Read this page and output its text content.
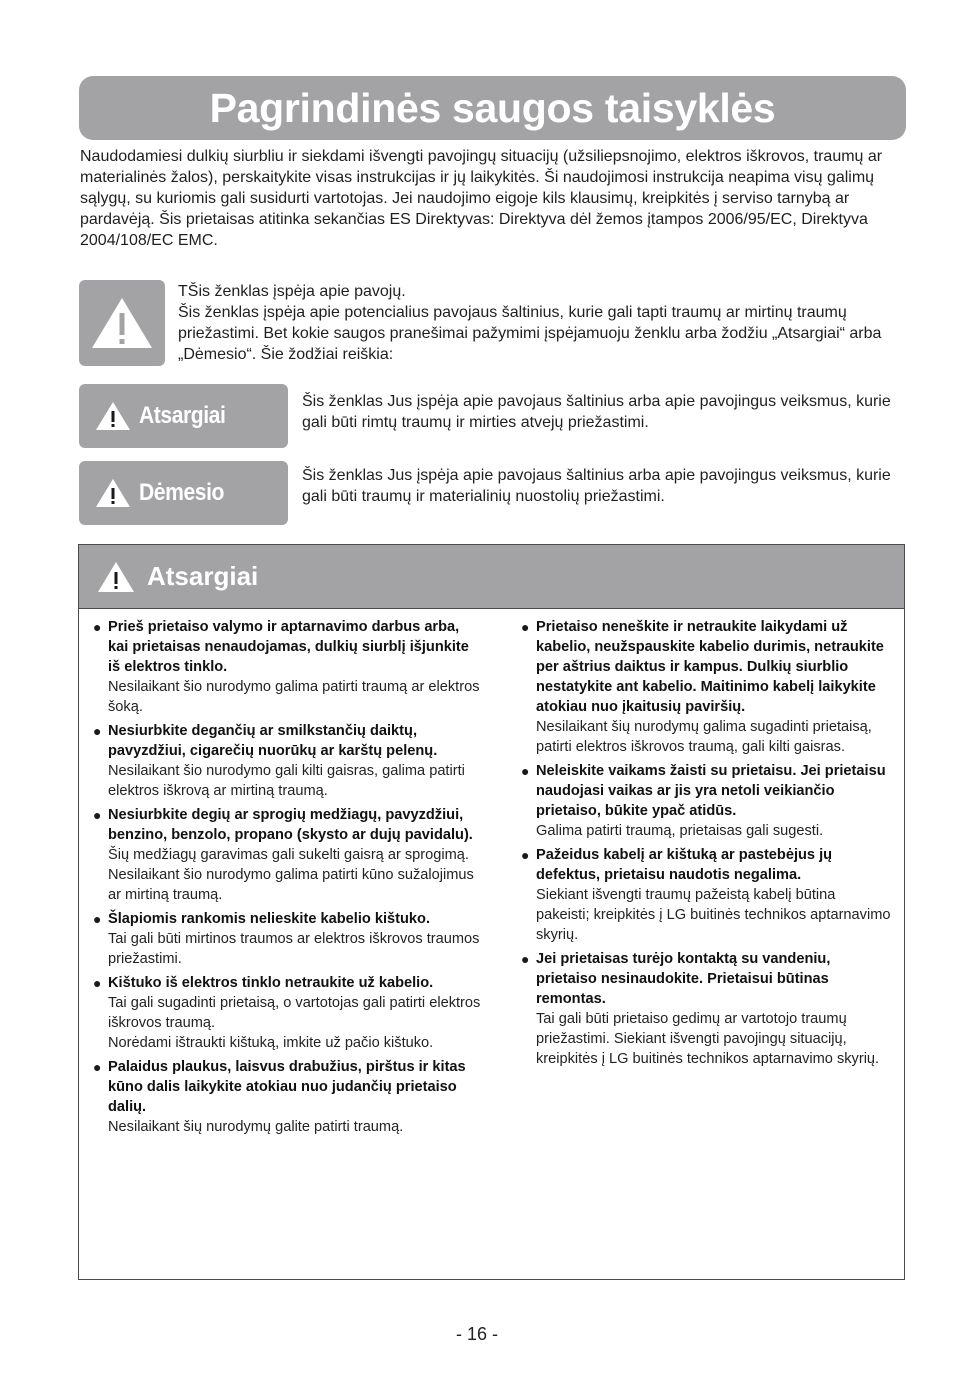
Pagrindinės saugos taisyklės

Naudodamiesi dulkių siurbliu ir siekdami išvengti pavojingų situacijų (užsiliepsnojimo, elektros iškrovos, traumų ar materialinės žalos), perskaitykite visas instrukcijas ir jų laikykitės. Ši naudojimosi instrukcija neapima visų galimų sąlygų, su kuriomis gali susidurti vartotojas. Jei naudojimo eigoje kils klausimų, kreipkitės į serviso tarnybą ar pardavėją. Šis prietaisas atitinka sekančias ES Direktyvas: Direktyva dėl žemos įtampos 2006/95/EC, Direktyva 2004/108/EC EMC.

TŠis ženklas įspėja apie pavojų.
Šis ženklas įspėja apie potencialius pavojaus šaltinius, kurie gali tapti traumų ar mirtinų traumų priežastimi. Bet kokie saugos pranešimai pažymimi įspėjamuoju ženklu arba žodžiu „Atsargiai“ arba „Dėmesio“. Šie žodžiai reiškia:

Atsargiai

Šis ženklas Jus įspėja apie pavojaus šaltinius arba apie pavojingus veiksmus, kurie gali būti rimtų traumų ir mirties atvejų priežastimi.

Dėmesio

Šis ženklas Jus įspėja apie pavojaus šaltinius arba apie pavojingus veiksmus, kurie gali būti traumų ir materialinių nuostolių priežastimi.

Atsargiai
● Prieš prietaiso valymo ir aptarnavimo darbus arba, kai prietaisas nenaudojamas, dulkių siurblį išjunkite iš elektros tinklo.
Nesilaikant šio nurodymo galima patirti traumą ar elektros šoką.
● Nesiurbkite degančių ar smilkstančių daiktų, pavyzdžiui, cigarečių nuorūkų ar karštų pelenų.
Nesilaikant šio nurodymo gali kilti gaisras, galima patirti elektros iškrovą ar mirtiną traumą.
● Nesiurbkite degių ar sprogių medžiagų, pavyzdžiui, benzino, benzolo, propano (skysto ar dujų pavidalu).
Šių medžiagų garavimas gali sukelti gaisrą ar sprogimą. Nesilaikant šio nurodymo galima patirti kūno sužalojimus ar mirtiną traumą.
● Šlapiomis rankomis nelieskite kabelio kištuko.
Tai gali būti mirtinos traumos ar elektros iškrovos traumos priežastimi.
● Kištuko iš elektros tinklo netraukite už kabelio.
Tai gali sugadinti prietaisą, o vartotojas gali patirti elektros iškrovos traumą.
Norėdami ištraukti kištuką, imkite už pačio kištuko.
● Palaidus plaukus, laisvus drabužius, pirštus ir kitas kūno dalis laikykite atokiau nuo judančių prietaiso dalių.
Nesilaikant šių nurodymų galite patirti traumą.
● Prietaiso neneškite ir netraukite laikydami už kabelio, neužspauskite kabelio durimis, netraukite per aštrius daiktus ir kampus. Dulkių siurblio nestatykite ant kabelio. Maitinimo kabelį laikykite atokiau nuo įkaitusių paviršių.
Nesilaikant šių nurodymų galima sugadinti prietaisą, patirti elektros iškrovos traumą, gali kilti gaisras.
● Neleiskite vaikams žaisti su prietaisu. Jei prietaisu naudojasi vaikas ar jis yra netoli veikiančio prietaiso, būkite ypač atidūs.
Galima patirti traumą, prietaisas gali sugesti.
● Pažeidus kabelį ar kištuką ar pastebėjus jų defektus, prietaisu naudotis negalima.
Siekiant išvengti traumų pažeistą kabelį būtina pakeisti; kreipkitės į LG buitinės technikos aptarnavimo skyrių.
● Jei prietaisas turėjo kontaktą su vandeniu, prietaiso nesinaudokite. Prietaisui būtinas remontas.
Tai gali būti prietaiso gedimų ar vartotojo traumų priežastimi. Siekiant išvengti pavojingų situacijų, kreipkitės į LG buitinės technikos aptarnavimo skyrių.
- 16 -
